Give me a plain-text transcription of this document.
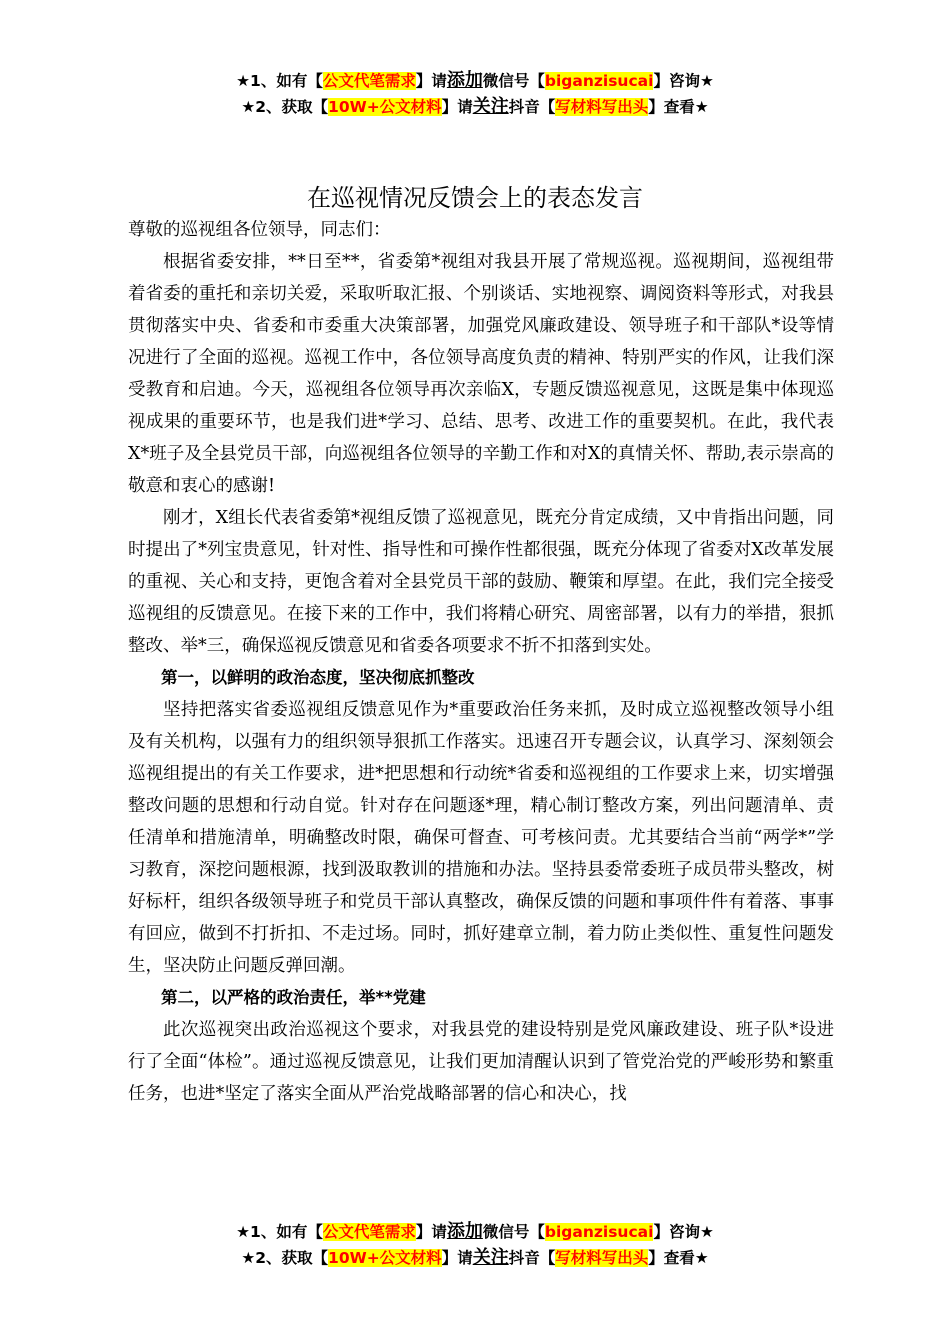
★1、如有【公文代笔需求】请添加微信号【biganzisucai】咨询★
★2、获取【10W+公文材料】请关注抖音【写材料写出头】查看★
在巡视情况反馈会上的表态发言

尊敬的巡视组各位领导，同志们：

根据省委安排，**日至**，省委第*视组对我县开展了常规巡视。巡视期间，巡视组带着省委的重托和亲切关爱，采取听取汇报、个别谈话、实地视察、调阅资料等形式，对我县贯彻落实中央、省委和市委重大决策部署，加强党风廉政建设、领导班子和干部队*设等情况进行了全面的巡视。巡视工作中，各位领导高度负责的精神、特别严实的作风，让我们深受教育和启迪。今天，巡视组各位领导再次亲临X，专题反馈巡视意见，这既是集中体现巡视成果的重要环节，也是我们进*学习、总结、思考、改进工作的重要契机。在此，我代表X*班子及全县党员干部，向巡视组各位领导的辛勤工作和对X的真情关怀、帮助,表示崇高的敬意和衷心的感谢!

刚才，X组长代表省委第*视组反馈了巡视意见，既充分肯定成绩，又中肯指出问题，同时提出了*列宝贵意见，针对性、指导性和可操作性都很强，既充分体现了省委对X改革发展的重视、关心和支持，更饱含着对全县党员干部的鼓励、鞭策和厚望。在此，我们完全接受巡视组的反馈意见。在接下来的工作中，我们将精心研究、周密部署，以有力的举措，狠抓整改、举*三，确保巡视反馈意见和省委各项要求不折不扣落到实处。

第一，以鲜明的政治态度，坚决彻底抓整改

坚持把落实省委巡视组反馈意见作为*重要政治任务来抓，及时成立巡视整改领导小组及有关机构，以强有力的组织领导狠抓工作落实。迅速召开专题会议，认真学习、深刻领会巡视组提出的有关工作要求，进*把思想和行动统*省委和巡视组的工作要求上来，切实增强整改问题的思想和行动自觉。针对存在问题逐*理，精心制订整改方案，列出问题清单、责任清单和措施清单，明确整改时限，确保可督查、可考核问责。尤其要结合当前“两学*”学习教育，深挖问题根源，找到汲取教训的措施和办法。坚持县委常委班子成员带头整改，树好标杆，组织各级领导班子和党员干部认真整改，确保反馈的问题和事项件件有着落、事事有回应，做到不打折扣、不走过场。同时，抓好建章立制，着力防止类似性、重复性问题发生，坚决防止问题反弹回潮。

第二，以严格的政治责任，举**党建

此次巡视突出政治巡视这个要求，对我县党的建设特别是党风廉政建设、班子队*设进行了全面“体检”。通过巡视反馈意见，让我们更加清醒认识到了管党治党的严峻形势和繁重任务，也进*坚定了落实全面从严治党战略部署的信心和决心，找

★1、如有【公文代笔需求】请添加微信号【biganzisucai】咨询★
★2、获取【10W+公文材料】请关注抖音【写材料写出头】查看★
